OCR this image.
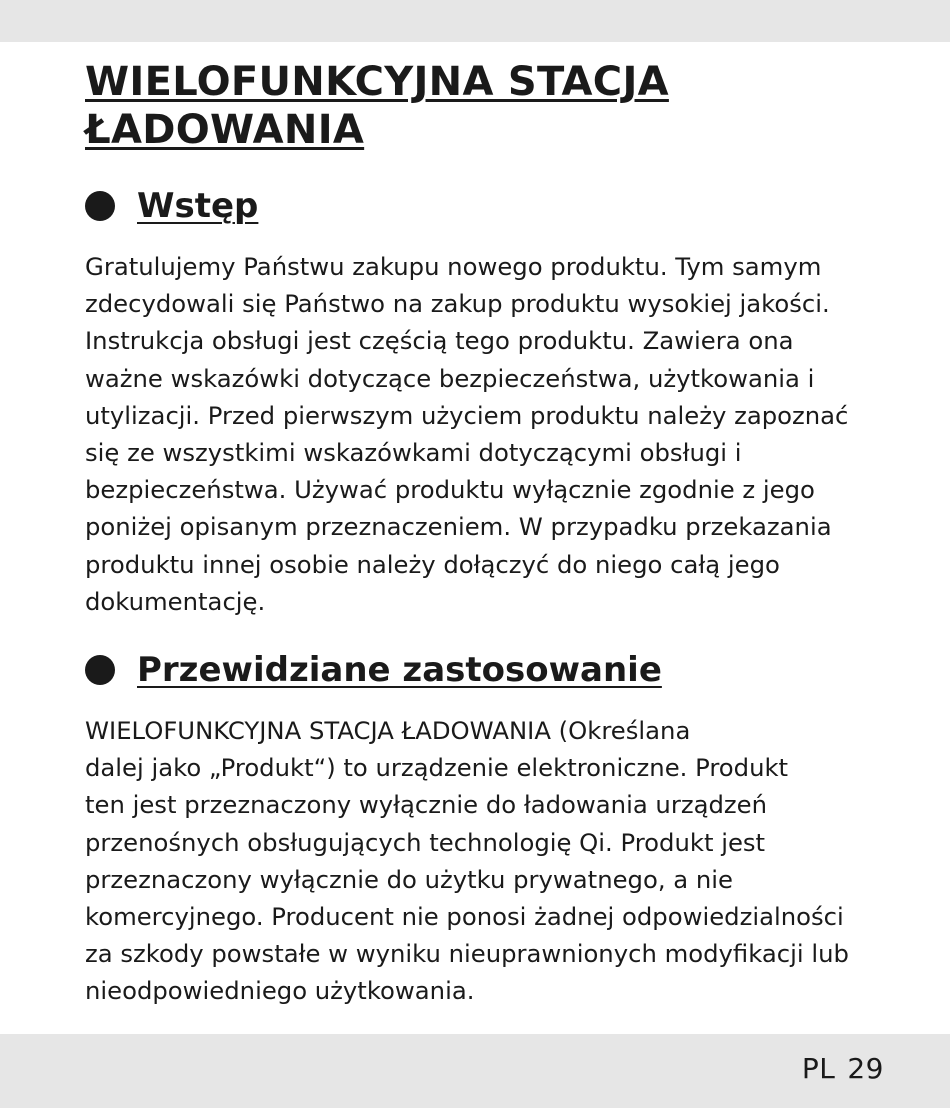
WIELOFUNKCYJNA STACJA
ŁADOWANIA
Wstęp

Gratulujemy Państwu zakupu nowego produktu. Tym samym
zdecydowali się Państwo na zakup produktu wysokiej jakości.
Instrukcja obsługi jest częścią tego produktu. Zawiera ona
ważne wskazówki dotyczące bezpieczeństwa, użytkowania i
utylizacji. Przed pierwszym użyciem produktu należy zapoznać
się ze wszystkimi wskazówkami dotyczącymi obsługi i
bezpieczeństwa. Używać produktu wyłącznie zgodnie z jego
poniżej opisanym przeznaczeniem. W przypadku przekazania
produktu innej osobie należy dołączyć do niego całą jego
dokumentację.

Przewidziane zastosowanie

WIELOFUNKCYJNA STACJA ŁADOWANIA (Określana
dalej jako „Produkt“) to urządzenie elektroniczne. Produkt
ten jest przeznaczony wyłącznie do ładowania urządzeń
przenośnych obsługujących technologię Qi. Produkt jest
przeznaczony wyłącznie do użytku prywatnego, a nie
komercyjnego. Producent nie ponosi żadnej odpowiedzialności
za szkody powstałe w wyniku nieuprawnionych modyfikacji lub
nieodpowiedniego użytkowania.

PL 29
